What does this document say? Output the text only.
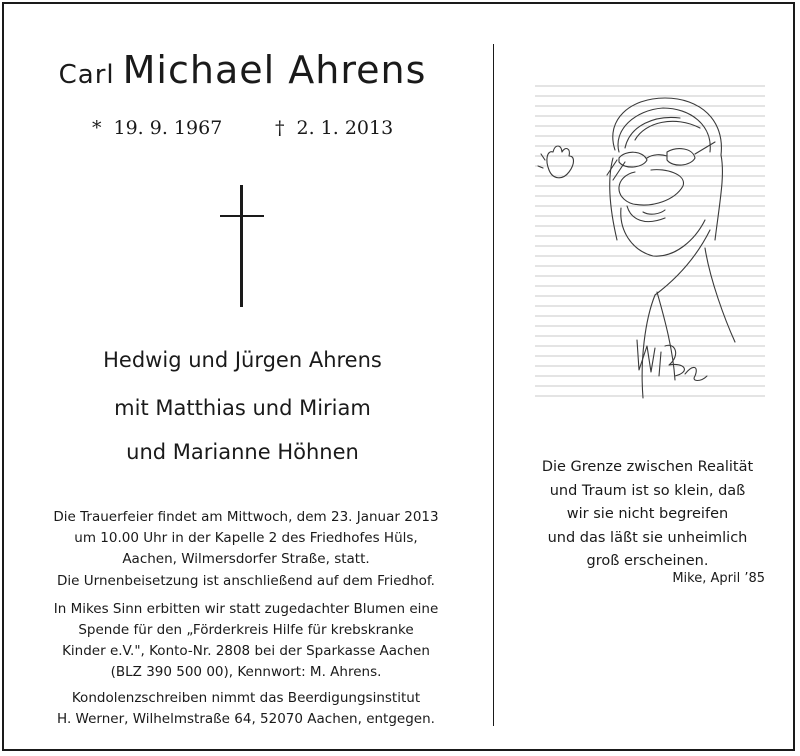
Carl Michael Ahrens
* 19. 9. 1967	† 2. 1. 2013
Hedwig und Jürgen Ahrens
mit Matthias und Miriam
und Marianne Höhnen
Die Trauerfeier findet am Mittwoch, dem 23. Januar 2013
um 10.00 Uhr in der Kapelle 2 des Friedhofes Hüls,
Aachen, Wilmersdorfer Straße, statt.
Die Urnenbeisetzung ist anschließend auf dem Friedhof.
In Mikes Sinn erbitten wir statt zugedachter Blumen eine
Spende für den „Förderkreis Hilfe für krebskranke
Kinder e.V.", Konto-Nr. 2808 bei der Sparkasse Aachen
(BLZ 390 500 00), Kennwort: M. Ahrens.
Kondolenzschreiben nimmt das Beerdigungsinstitut
H. Werner, Wilhelmstraße 64, 52070 Aachen, entgegen.
Die Grenze zwischen Realität
und Traum ist so klein, daß
wir sie nicht begreifen
und das läßt sie unheimlich
groß erscheinen.
Mike, April ’85
